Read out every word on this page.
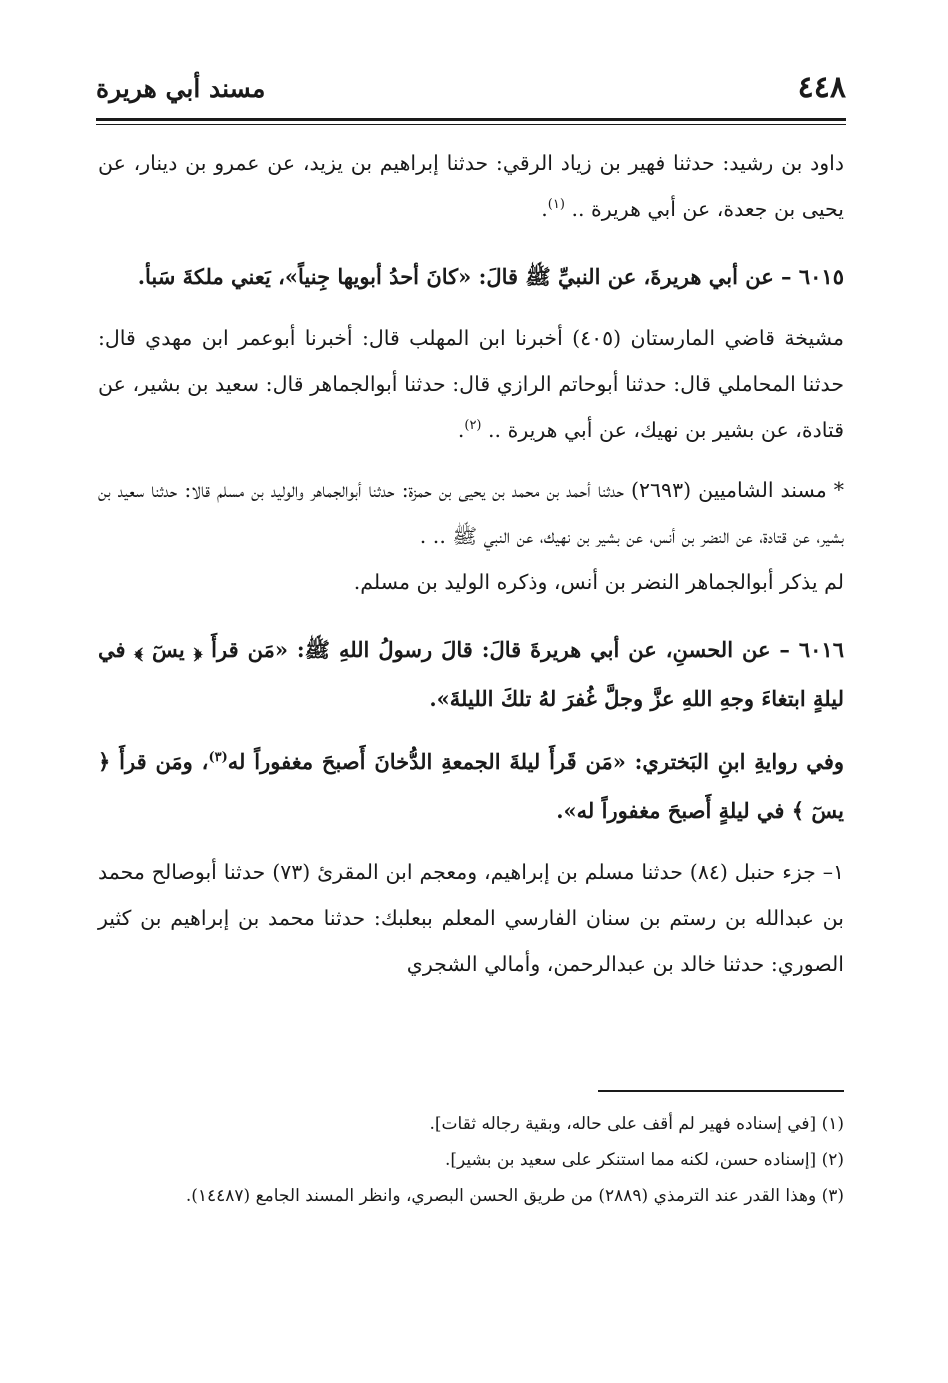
٤٤٨
مسند أبي هريرة

داود بن رشيد: حدثنا فهير بن زياد الرقي: حدثنا إبراهيم بن يزيد، عن عمرو بن دينار، عن يحيى بن جعدة، عن أبي هريرة .. $^{(١)}$.

٦٠١٥ – عن أبي هريرةَ، عن النبيِّ ﷺ قالَ: «كانَ أحدُ أبويها جِنياً»، يَعني ملكةَ سَبأ.

مشيخة قاضي المارستان (٤٠٥) أخبرنا ابن المهلب قال: أخبرنا أبوعمر ابن مهدي قال: حدثنا المحاملي قال: حدثنا أبوحاتم الرازي قال: حدثنا أبوالجماهر قال: سعيد بن بشير، عن قتادة، عن بشير بن نهيك، عن أبي هريرة .. $^{(٢)}$.

* مسند الشاميين (٢٦٩٣) حدثنا أحمد بن محمد بن يحيى بن حمزة: حدثنا أبوالجماهر والوليد بن مسلم قالا: حدثنا سعيد بن بشير، عن قتادة، عن النضر بن أنس، عن بشير بن نهيك، عن النبي ﷺ .. .

لم يذكر أبوالجماهر النضر بن أنس، وذكره الوليد بن مسلم.

٦٠١٦ – عن الحسنِ، عن أبي هريرةَ قالَ: قالَ رسولُ اللهِ ﷺ: «مَن قرأَ ﴿ يسٓ ﴾ في ليلةٍ ابتغاءَ وجهِ اللهِ عزَّ وجلَّ غُفرَ لهُ تلكَ الليلةَ».

وفي روايةِ ابنِ البَختري: «مَن قَرأَ ليلةَ الجمعةِ الدُّخانَ أَصبحَ مغفوراً له$^{(٣)}$، ومَن قرأَ ﴿ يسٓ ﴾ في ليلةٍ أَصبحَ مغفوراً له».

١– جزء حنبل (٨٤) حدثنا مسلم بن إبراهيم، ومعجم ابن المقرئ (٧٣) حدثنا أبوصالح محمد بن عبدالله بن رستم بن سنان الفارسي المعلم ببعلبك: حدثنا محمد بن إبراهيم بن كثير الصوري: حدثنا خالد بن عبدالرحمن، وأمالي الشجري

(١) [في إسناده فهير لم أقف على حاله، وبقية رجاله ثقات].

(٢) [إسناده حسن، لكنه مما استنكر على سعيد بن بشير].

(٣) وهذا القدر عند الترمذي (٢٨٨٩) من طريق الحسن البصري، وانظر المسند الجامع (١٤٤٨٧).
